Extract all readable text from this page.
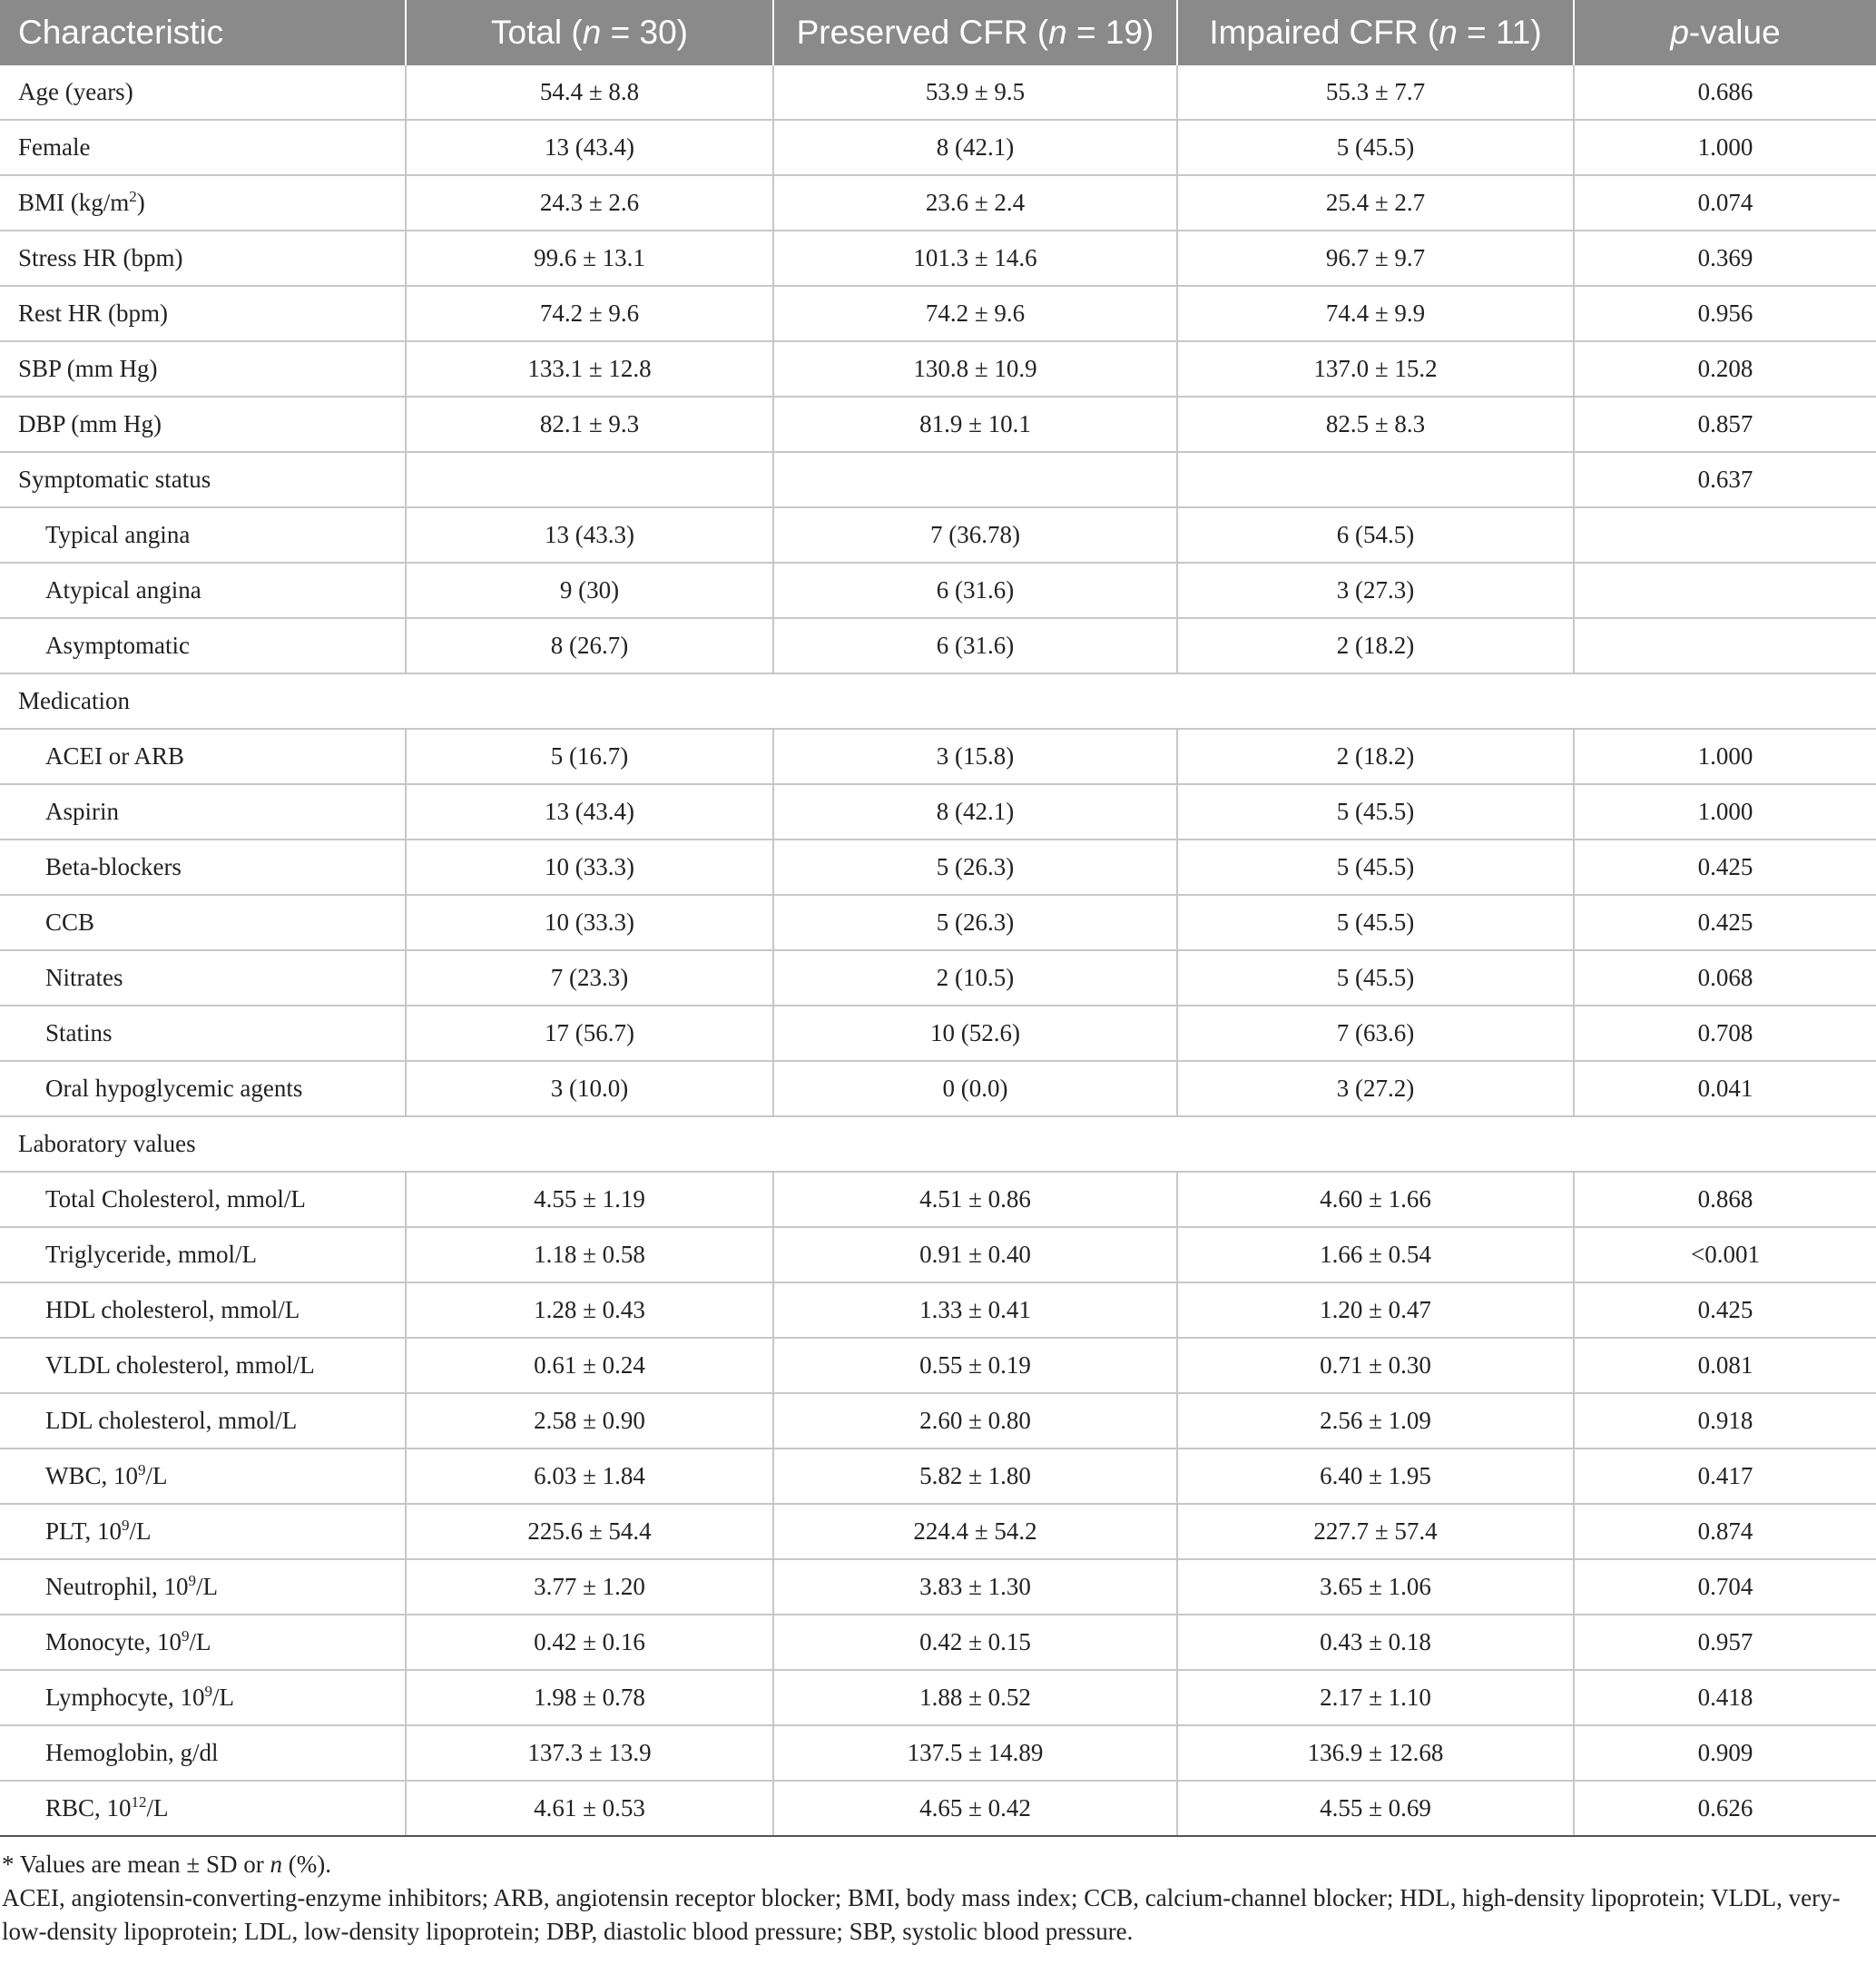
Characteristic	Total (n = 30)	Preserved CFR (n = 19)	Impaired CFR (n = 11)	p-value
Age (years)	54.4 ± 8.8	53.9 ± 9.5	55.3 ± 7.7	0.686
Female	13 (43.4)	8 (42.1)	5 (45.5)	1.000
BMI $(kg/m^2)$	24.3 ± 2.6	23.6 ± 2.4	25.4 ± 2.7	0.074
Stress HR (bpm)	99.6 ± 13.1	101.3 ± 14.6	96.7 ± 9.7	0.369
Rest HR (bpm)	74.2 ± 9.6	74.2 ± 9.6	74.4 ± 9.9	0.956
SBP (mm Hg)	133.1 ± 12.8	130.8 ± 10.9	137.0 ± 15.2	0.208
DBP (mm Hg)	82.1 ± 9.3	81.9 ± 10.1	82.5 ± 8.3	0.857
Symptomatic status				0.637
Typical angina	13 (43.3)	7 (36.78)	6 (54.5)	
Atypical angina	9 (30)	6 (31.6)	3 (27.3)	
Asymptomatic	8 (26.7)	6 (31.6)	2 (18.2)	
Medication				
ACEI or ARB	5 (16.7)	3 (15.8)	2 (18.2)	1.000
Aspirin	13 (43.4)	8 (42.1)	5 (45.5)	1.000
Beta-blockers	10 (33.3)	5 (26.3)	5 (45.5)	0.425
CCB	10 (33.3)	5 (26.3)	5 (45.5)	0.425
Nitrates	7 (23.3)	2 (10.5)	5 (45.5)	0.068
Statins	17 (56.7)	10 (52.6)	7 (63.6)	0.708
Oral hypoglycemic agents	3 (10.0)	0 (0.0)	3 (27.2)	0.041
Laboratory values				
Total Cholesterol, mmol/L	4.55 ± 1.19	4.51 ± 0.86	4.60 ± 1.66	0.868
Triglyceride, mmol/L	1.18 ± 0.58	0.91 ± 0.40	1.66 ± 0.54	<0.001
HDL cholesterol, mmol/L	1.28 ± 0.43	1.33 ± 0.41	1.20 ± 0.47	0.425
VLDL cholesterol, mmol/L	0.61 ± 0.24	0.55 ± 0.19	0.71 ± 0.30	0.081
LDL cholesterol, mmol/L	2.58 ± 0.90	2.60 ± 0.80	2.56 ± 1.09	0.918
WBC, $10^9/L$	6.03 ± 1.84	5.82 ± 1.80	6.40 ± 1.95	0.417
PLT, $10^9/L$	225.6 ± 54.4	224.4 ± 54.2	227.7 ± 57.4	0.874
Neutrophil, $10^9/L$	3.77 ± 1.20	3.83 ± 1.30	3.65 ± 1.06	0.704
Monocyte, $10^9/L$	0.42 ± 0.16	0.42 ± 0.15	0.43 ± 0.18	0.957
Lymphocyte, $10^9/L$	1.98 ± 0.78	1.88 ± 0.52	2.17 ± 1.10	0.418
Hemoglobin, g/dl	137.3 ± 13.9	137.5 ± 14.89	136.9 ± 12.68	0.909
RBC, $10^{12}/L$	4.61 ± 0.53	4.65 ± 0.42	4.55 ± 0.69	0.626

* Values are mean ± SD or n (%).

ACEI, angiotensin-converting-enzyme inhibitors; ARB, angiotensin receptor blocker; BMI, body mass index; CCB, calcium-channel blocker; HDL, high-density lipoprotein; VLDL, very-low-density lipoprotein; LDL, low-density lipoprotein; DBP, diastolic blood pressure; SBP, systolic blood pressure.
